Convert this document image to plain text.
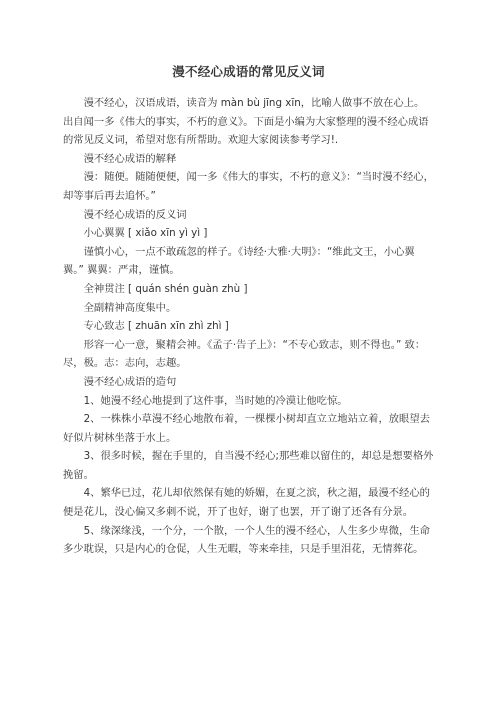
漫不经心成语的常见反义词

漫不经心，汉语成语，读音为 màn bù jīng xīn，比喻人做事不放在心上。出自闻一多《伟大的事实，不朽的意义》。下面是小编为大家整理的漫不经心成语的常见反义词，希望对您有所帮助。欢迎大家阅读参考学习!.

漫不经心成语的解释

漫：随便。随随便便，闻一多《伟大的事实，不朽的意义》：“当时漫不经心，却等事后再去追怀。”

漫不经心成语的反义词

小心翼翼 [ xiǎo xīn yì yì ]

谨慎小心，一点不敢疏忽的样子。《诗经·大雅·大明》：“维此文王，小心翼翼。” 翼翼：严肃，谨慎。

全神贯注 [ quán shén guàn zhù ]

全副精神高度集中。

专心致志 [ zhuān xīn zhì zhì ]

形容一心一意，聚精会神。《孟子·告子上》：“不专心致志，则不得也。” 致：尽，极。志：志向，志趣。

漫不经心成语的造句

1、她漫不经心地提到了这件事，当时她的冷漠让他吃惊。

2、一株株小草漫不经心地散布着，一棵棵小树却直立立地站立着，放眼望去好似片树林坐落于水上。

3、很多时候，握在手里的，自当漫不经心;那些难以留住的，却总是想要格外挽留。

4、繁华已过，花儿却依然保有她的娇媚，在夏之滨，秋之湄，最漫不经心的便是花儿，没心偏又多刺不说，开了也好，谢了也罢，开了谢了还各有分景。

5、缘深缘浅，一个分，一个散，一个人生的漫不经心，人生多少卑微，生命多少耽误，只是内心的仓促，人生无暇，等来牵挂，只是手里泪花，无情葬花。
